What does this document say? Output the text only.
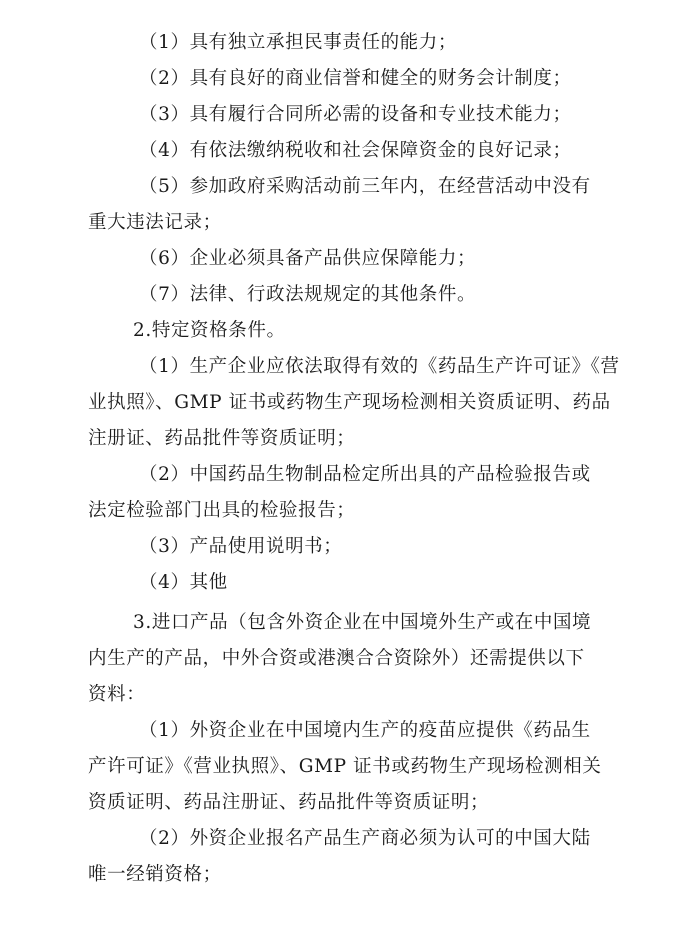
（1）具有独立承担民事责任的能力；
（2）具有良好的商业信誉和健全的财务会计制度；
（3）具有履行合同所必需的设备和专业技术能力；
（4）有依法缴纳税收和社会保障资金的良好记录；
（5）参加政府采购活动前三年内，在经营活动中没有
重大违法记录；
（6）企业必须具备产品供应保障能力；
（7）法律、行政法规规定的其他条件。
2.特定资格条件。
（1）生产企业应依法取得有效的《药品生产许可证》《营
业执照》、GMP 证书或药物生产现场检测相关资质证明、药品
注册证、药品批件等资质证明；
（2）中国药品生物制品检定所出具的产品检验报告或
法定检验部门出具的检验报告；
（3）产品使用说明书；
（4）其他
3.进口产品（包含外资企业在中国境外生产或在中国境
内生产的产品，中外合资或港澳合合资除外）还需提供以下
资料：
（1）外资企业在中国境内生产的疫苗应提供《药品生
产许可证》《营业执照》、GMP 证书或药物生产现场检测相关
资质证明、药品注册证、药品批件等资质证明；
（2）外资企业报名产品生产商必须为认可的中国大陆
唯一经销资格；
